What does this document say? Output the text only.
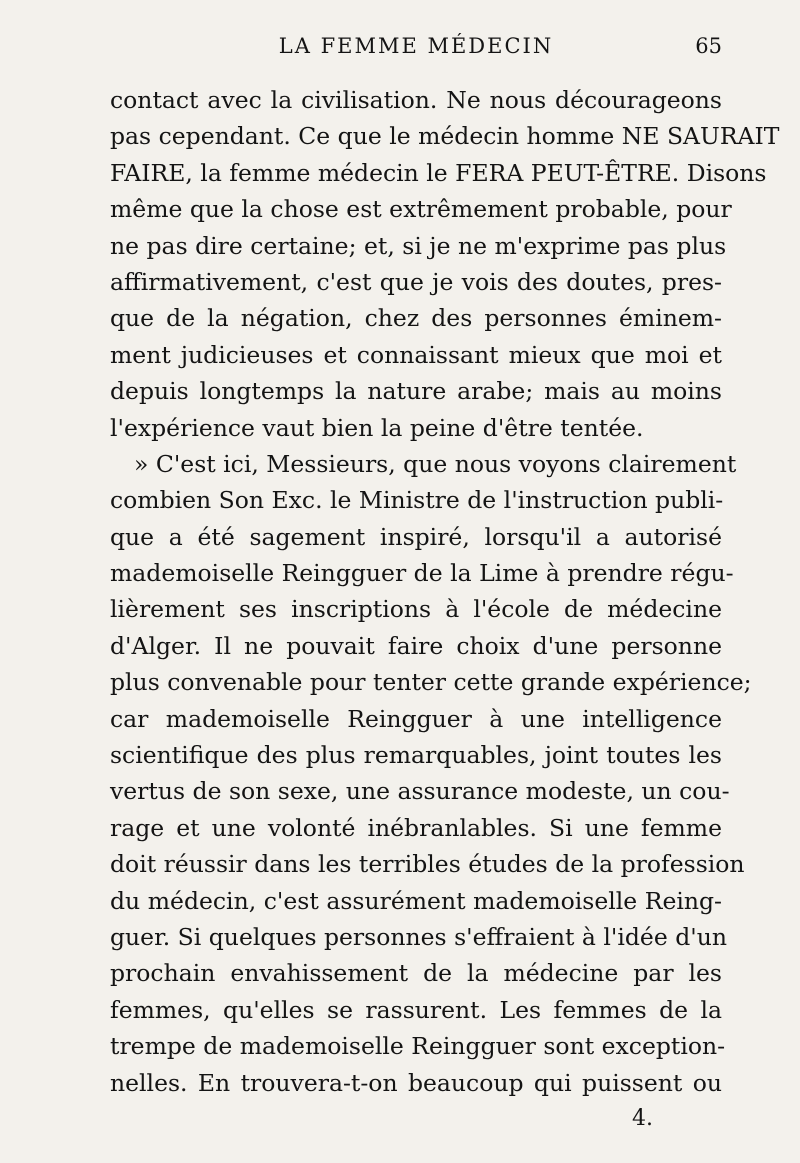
LA FEMME MÉDECIN	65
contact avec la civilisation. Ne nous décourageons
pas cependant. Ce que le médecin homme NE SAURAIT
FAIRE, la femme médecin le FERA PEUT-ÊTRE. Disons
même que la chose est extrêmement probable, pour
ne pas dire certaine; et, si je ne m'exprime pas plus
affirmativement, c'est que je vois des doutes, pres-
que de la négation, chez des personnes éminem-
ment judicieuses et connaissant mieux que moi et
depuis longtemps la nature arabe; mais au moins
l'expérience vaut bien la peine d'être tentée.
» C'est ici, Messieurs, que nous voyons clairement
combien Son Exc. le Ministre de l'instruction publi-
que a été sagement inspiré, lorsqu'il a autorisé
mademoiselle Reingguer de la Lime à prendre régu-
lièrement ses inscriptions à l'école de médecine
d'Alger. Il ne pouvait faire choix d'une personne
plus convenable pour tenter cette grande expérience;
car mademoiselle Reingguer à une intelligence
scientifique des plus remarquables, joint toutes les
vertus de son sexe, une assurance modeste, un cou-
rage et une volonté inébranlables. Si une femme
doit réussir dans les terribles études de la profession
du médecin, c'est assurément mademoiselle Reing-
guer. Si quelques personnes s'effraient à l'idée d'un
prochain envahissement de la médecine par les
femmes, qu'elles se rassurent. Les femmes de la
trempe de mademoiselle Reingguer sont exception-
nelles. En trouvera-t-on beaucoup qui puissent ou
4.
